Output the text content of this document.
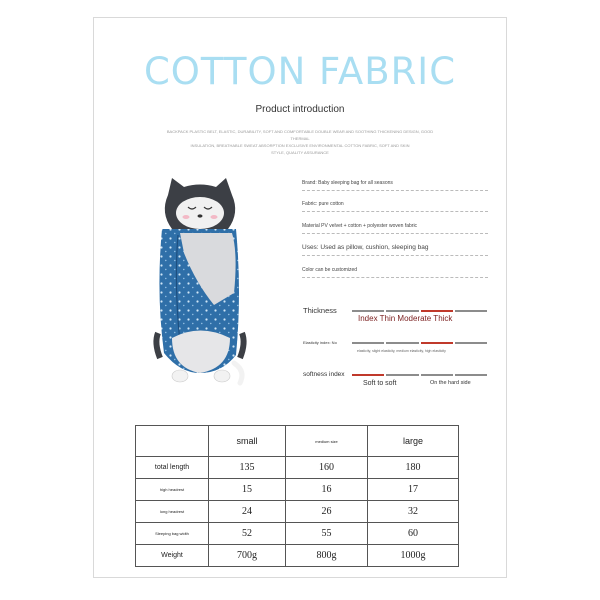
COTTON FABRIC
Product introduction
BACKPACK PLASTIC BELT, ELASTIC, DURABILITY, SOFT AND COMFORTABLE DOUBLE WEAR AND SOOTHING THICKENING DESIGN, GOOD THERMAL
INSULATION, BREATHABLE SWEAT ABSORPTION EXCLUSIVE ENVIRONMENTAL COTTON FABRIC, SOFT AND SKIN
STYLE, QUALITY ASSURANCE
Brand: Baby sleeping bag for all seasons
Fabric: pure cotton
Material PV velvet + cotton + polyester woven fabric
Uses: Used as pillow, cushion, sleeping bag
Color can be customized
Thickness
Index Thin Moderate Thick
Elasticity index: No
elasticity, slight elasticity, medium elasticity, high elasticity
softness index
Soft to soft	On the hard side
	small	medium size	large
total length	135	160	180
high headrest	15	16	17
long headrest	24	26	32
Sleeping bag width	52	55	60
Weight	700g	800g	1000g
